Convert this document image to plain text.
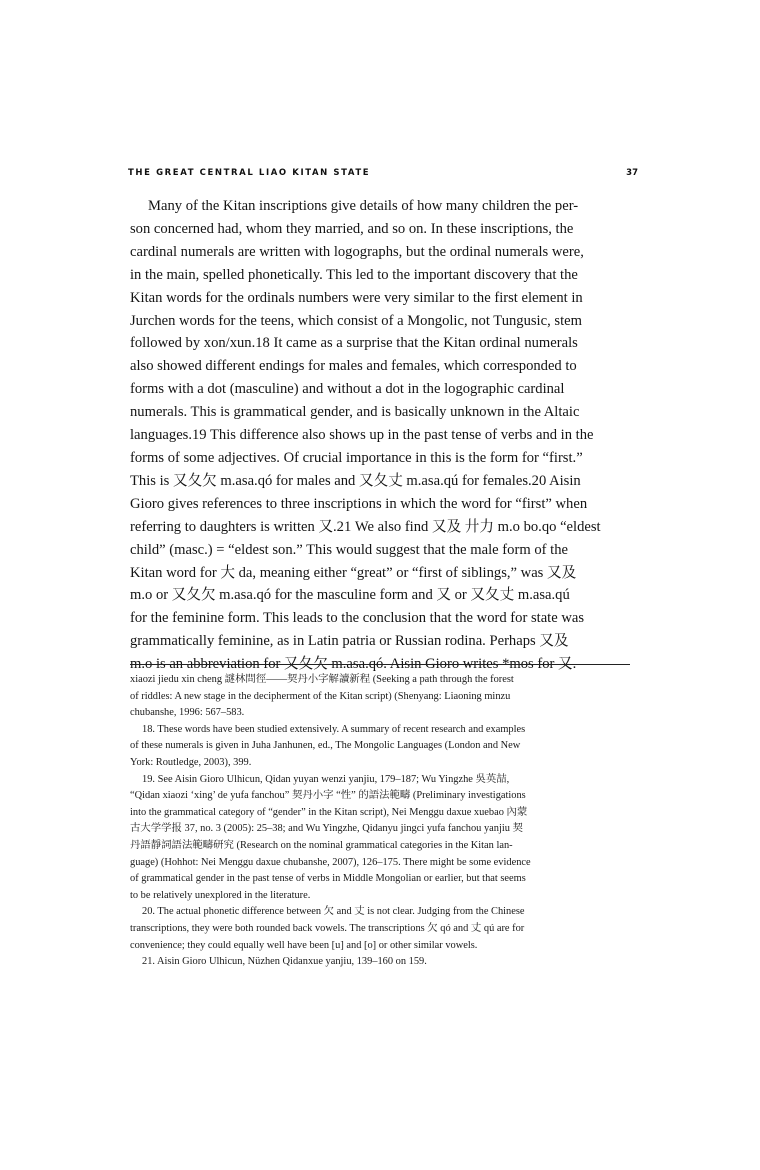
THE GREAT CENTRAL LIAO KITAN STATE	37
Many of the Kitan inscriptions give details of how many children the per-
son concerned had, whom they married, and so on. In these inscriptions, the
cardinal numerals are written with logographs, but the ordinal numerals were,
in the main, spelled phonetically. This led to the important discovery that the
Kitan words for the ordinals numbers were very similar to the first element in
Jurchen words for the teens, which consist of a Mongolic, not Tungusic, stem
followed by xon/xun.18 It came as a surprise that the Kitan ordinal numerals
also showed different endings for males and females, which corresponded to
forms with a dot (masculine) and without a dot in the logographic cardinal
numerals. This is grammatical gender, and is basically unknown in the Altaic
languages.19 This difference also shows up in the past tense of verbs and in the
forms of some adjectives. Of crucial importance in this is the form for “first.”
This is 又夂欠 m.asa.qó for males and 又夂丈 m.asa.qú for females.20 Aisin
Gioro gives references to three inscriptions in which the word for “first” when
referring to daughters is written 又.21 We also find 又及 廾力 m.o bo.qo “eldest
child” (masc.) = “eldest son.” This would suggest that the male form of the
Kitan word for 大 da, meaning either “great” or “first of siblings,” was 又及
m.o or 又夂欠 m.asa.qó for the masculine form and 又 or 又夂丈 m.asa.qú
for the feminine form. This leads to the conclusion that the word for state was
grammatically feminine, as in Latin patria or Russian rodina. Perhaps 又及
m.o is an abbreviation for 又夂欠 m.asa.qó. Aisin Gioro writes *mos for 又.
xiaozi jiedu xin cheng 謎林問徑——契丹小字解讀新程 (Seeking a path through the forest
of riddles: A new stage in the decipherment of the Kitan script) (Shenyang: Liaoning minzu
chubanshe, 1996: 567–583.
18. These words have been studied extensively. A summary of recent research and examples
of these numerals is given in Juha Janhunen, ed., The Mongolic Languages (London and New
York: Routledge, 2003), 399.
19. See Aisin Gioro Ulhicun, Qidan yuyan wenzi yanjiu, 179–187; Wu Yingzhe 吳英喆,
“Qidan xiaozi ‘xing’ de yufa fanchou” 契丹小字 “性” 的語法範疇 (Preliminary investigations
into the grammatical category of “gender” in the Kitan script), Nei Menggu daxue xuebao 內蒙
古大学学报 37, no. 3 (2005): 25–38; and Wu Yingzhe, Qidanyu jingci yufa fanchou yanjiu 契
丹語靜詞語法範疇研究 (Research on the nominal grammatical categories in the Kitan lan-
guage) (Hohhot: Nei Menggu daxue chubanshe, 2007), 126–175. There might be some evidence
of grammatical gender in the past tense of verbs in Middle Mongolian or earlier, but that seems
to be relatively unexplored in the literature.
20. The actual phonetic difference between 欠 and 丈 is not clear. Judging from the Chinese
transcriptions, they were both rounded back vowels. The transcriptions 欠 qó and 丈 qú are for
convenience; they could equally well have been [u] and [o] or other similar vowels.
21. Aisin Gioro Ulhicun, Nüzhen Qidanxue yanjiu, 139–160 on 159.
